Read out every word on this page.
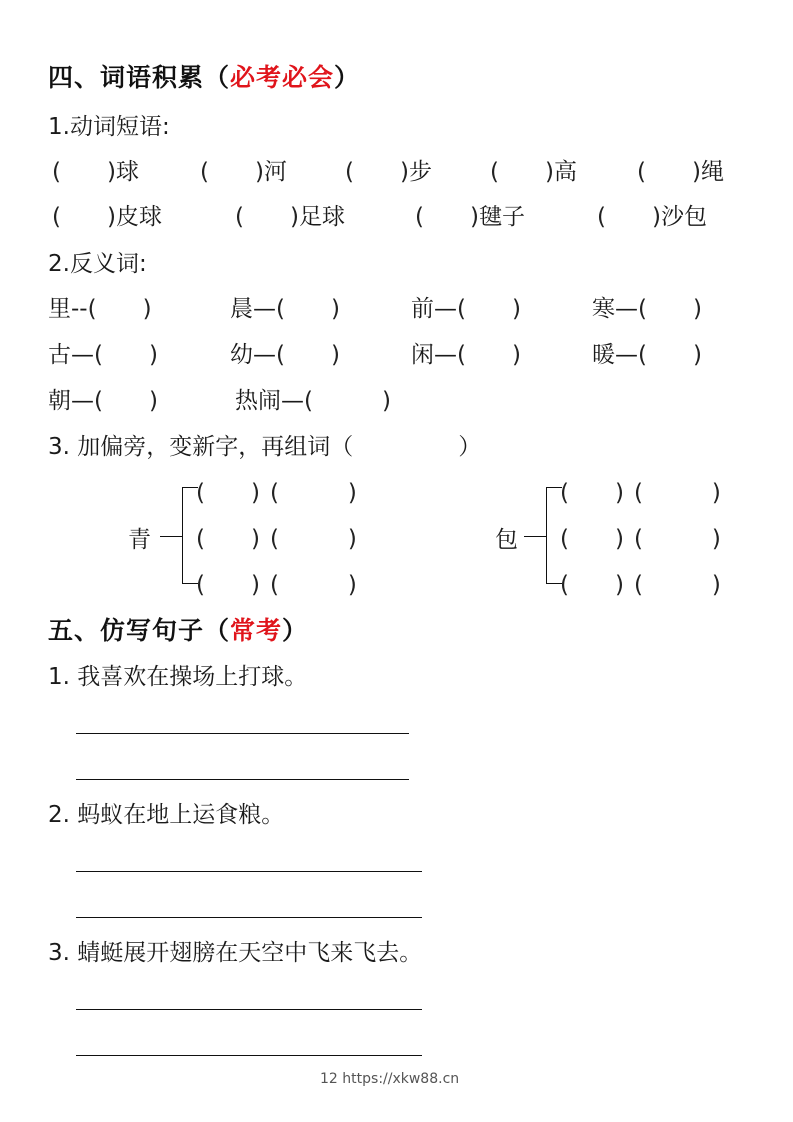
四、词语积累（必考必会）
1.动词短语:
(　　)球	(　　)河	(　　)步	(　　)高	(　　)绳
(　　)皮球	(　　)足球	(　　)毽子	(　　)沙包
2.反义词:
里--(　　)	晨—(　　)	前—(　　)	寒—(　　)
古—(　　)	幼—(　　)	闲—(　　)	暖—(　　)
朝—(　　)	热闹—(　　　)
3. 加偏旁，变新字，再组词（	）
青
(　　) (　　　)
(　　) (　　　)
(　　) (　　　)
包
(　　) (　　　)
(　　) (　　　)
(　　) (　　　)
五、仿写句子（常考）
1. 我喜欢在操场上打球。
2. 蚂蚁在地上运食粮。
3. 蜻蜓展开翅膀在天空中飞来飞去。
12 https://xkw88.cn
